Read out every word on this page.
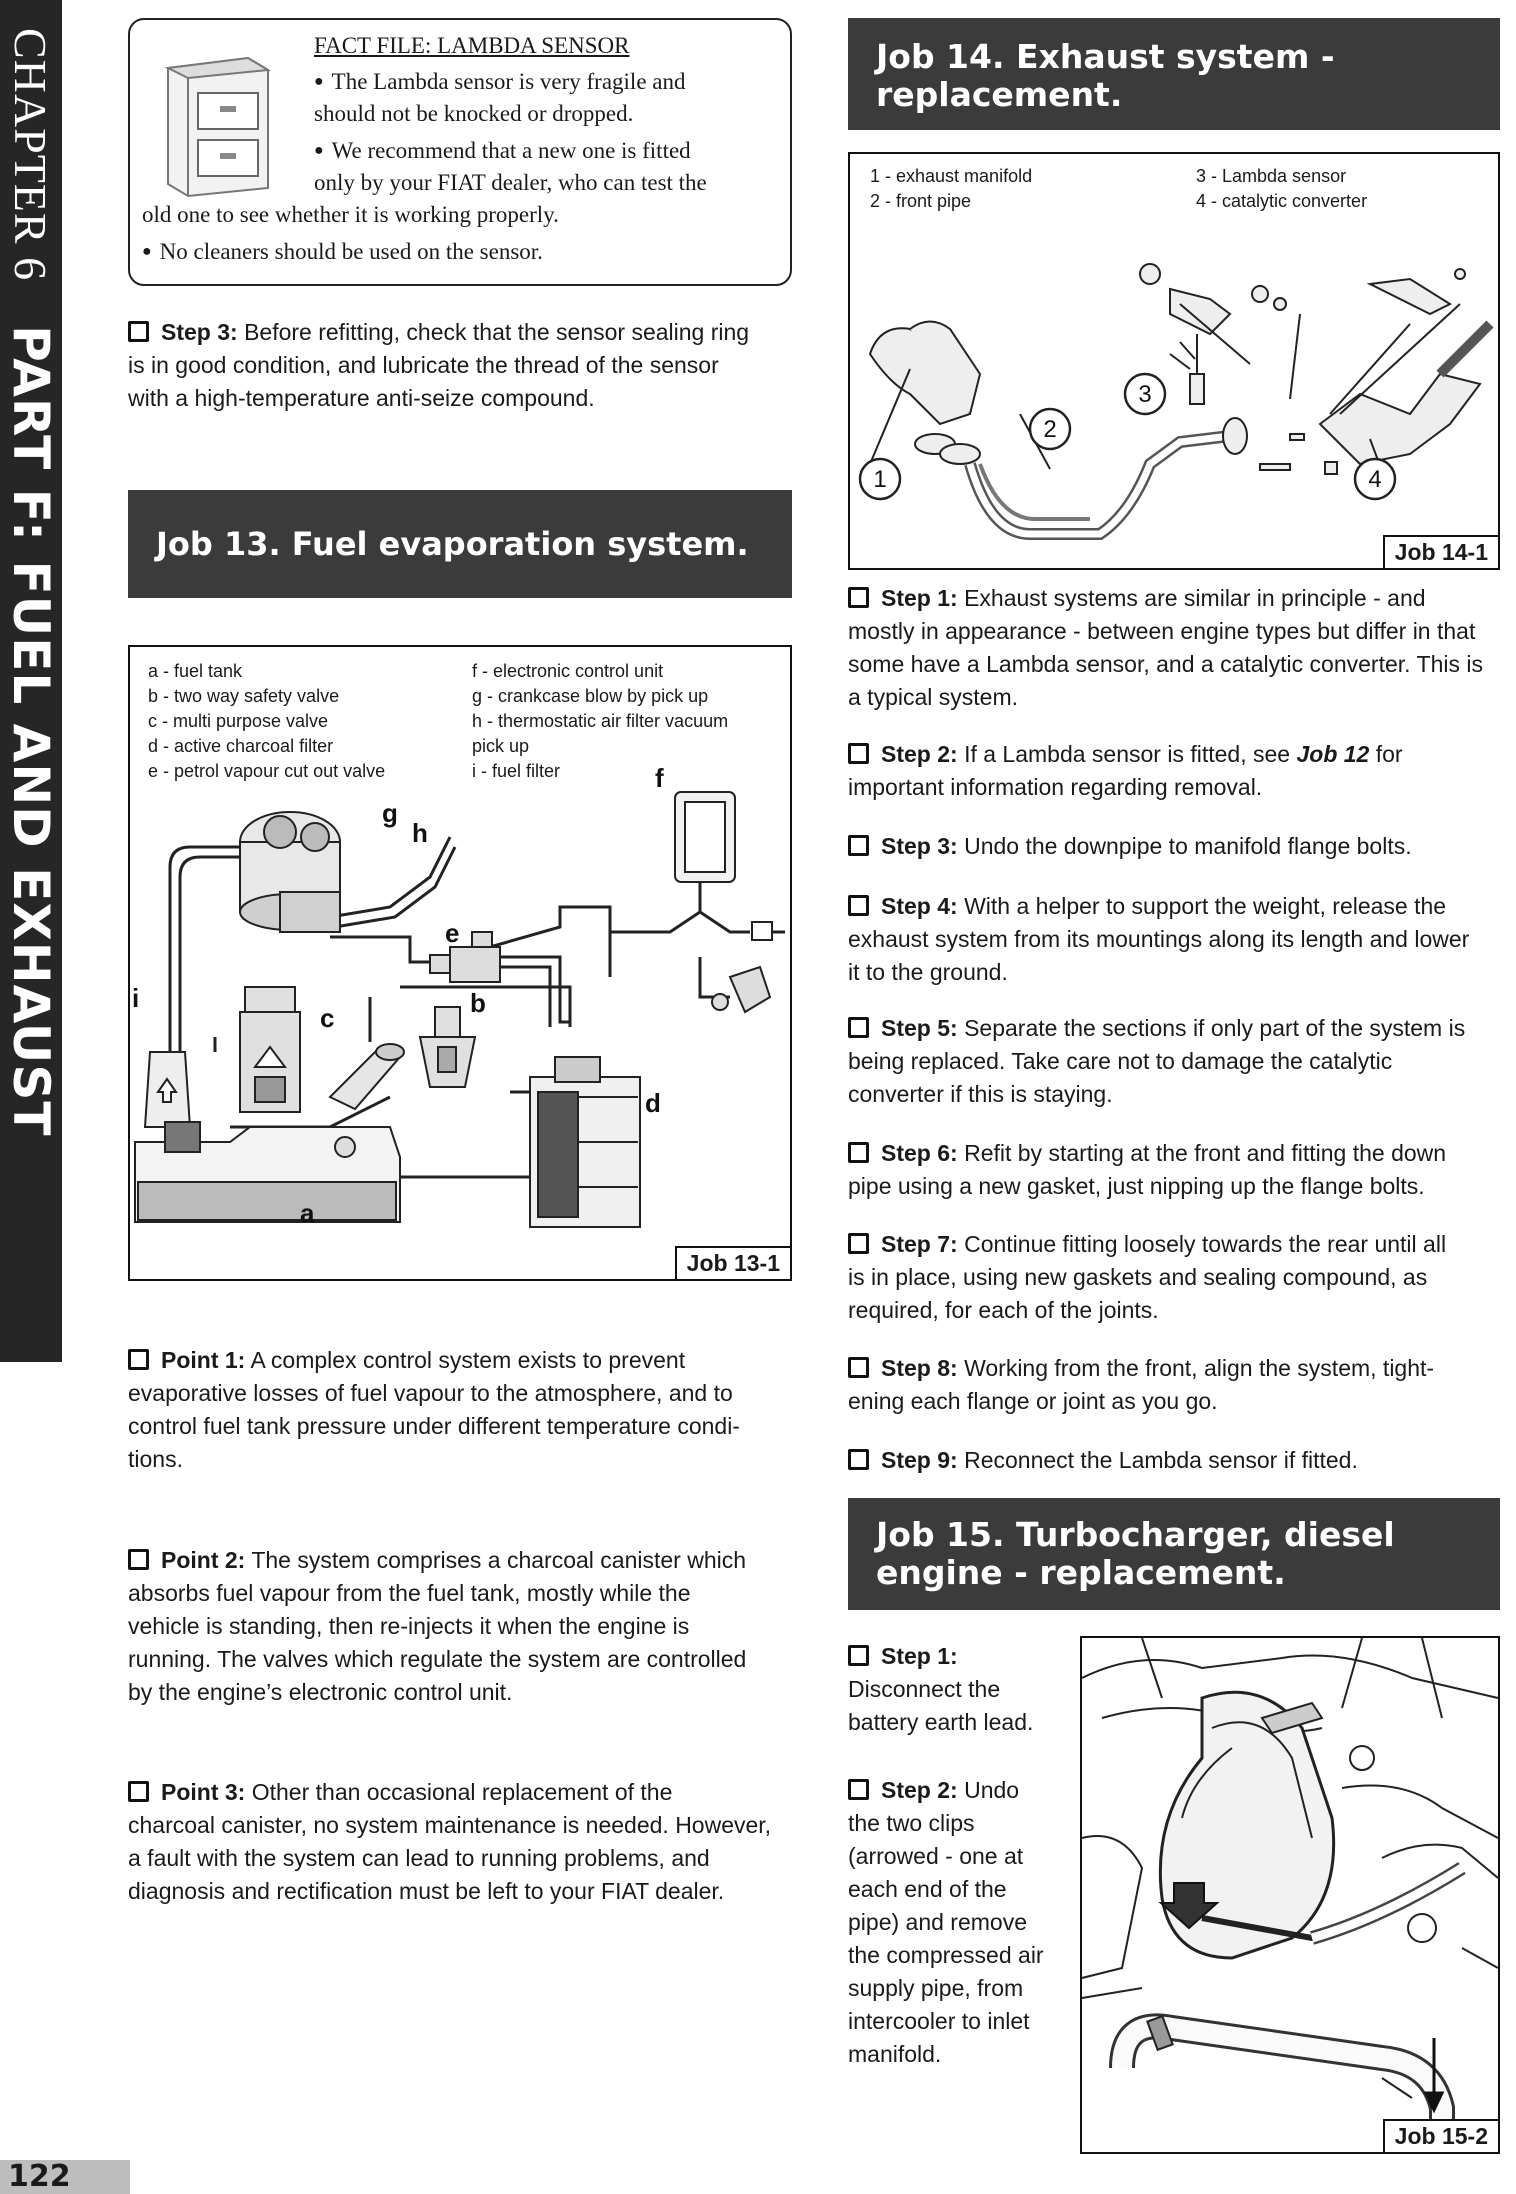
CHAPTER 6
PART F: FUEL AND EXHAUST
122
FACT FILE: LAMBDA SENSOR
● The Lambda sensor is very fragile and
should not be knocked or dropped.
● We recommend that a new one is fitted
only by your FIAT dealer, who can test the
old one to see whether it is working properly.
● No cleaners should be used on the sensor.
Step 3: Before refitting, check that the sensor sealing ring
is in good condition, and lubricate the thread of the sensor
with a high-temperature anti-seize compound.
Job 13. Fuel evaporation system.
a - fuel tank
b - two way safety valve
c - multi purpose valve
d - active charcoal filter
e - petrol vapour cut out valve
f - electronic control unit
g - crankcase blow by pick up
h - thermostatic air filter vacuum
pick up
i - fuel filter
a
b
c
d
e
f
g
h
i
Job 13-1
Point 1: A complex control system exists to prevent
evaporative losses of fuel vapour to the atmosphere, and to
control fuel tank pressure under different temperature condi-
tions.
Point 2: The system comprises a charcoal canister which
absorbs fuel vapour from the fuel tank, mostly while the
vehicle is standing, then re-injects it when the engine is
running. The valves which regulate the system are controlled
by the engine’s electronic control unit.
Point 3: Other than occasional replacement of the
charcoal canister, no system maintenance is needed. However,
a fault with the system can lead to running problems, and
diagnosis and rectification must be left to your FIAT dealer.
Job 14. Exhaust system -
replacement.
1 - exhaust manifold
2 - front pipe
3 - Lambda sensor
4 - catalytic converter
1
2
3
4
Job 14-1
Step 1: Exhaust systems are similar in principle - and
mostly in appearance - between engine types but differ in that
some have a Lambda sensor, and a catalytic converter. This is
a typical system.
Step 2: If a Lambda sensor is fitted, see Job 12 for
important information regarding removal.
Step 3: Undo the downpipe to manifold flange bolts.
Step 4: With a helper to support the weight, release the
exhaust system from its mountings along its length and lower
it to the ground.
Step 5: Separate the sections if only part of the system is
being replaced. Take care not to damage the catalytic
converter if this is staying.
Step 6: Refit by starting at the front and fitting the down
pipe using a new gasket, just nipping up the flange bolts.
Step 7: Continue fitting loosely towards the rear until all
is in place, using new gaskets and sealing compound, as
required, for each of the joints.
Step 8: Working from the front, align the system, tight-
ening each flange or joint as you go.
Step 9: Reconnect the Lambda sensor if fitted.
Job 15. Turbocharger, diesel
engine - replacement.
Step 1:
Disconnect the
battery earth lead.
Step 2: Undo
the two clips
(arrowed - one at
each end of the
pipe) and remove
the compressed air
supply pipe, from
intercooler to inlet
manifold.
Job 15-2
